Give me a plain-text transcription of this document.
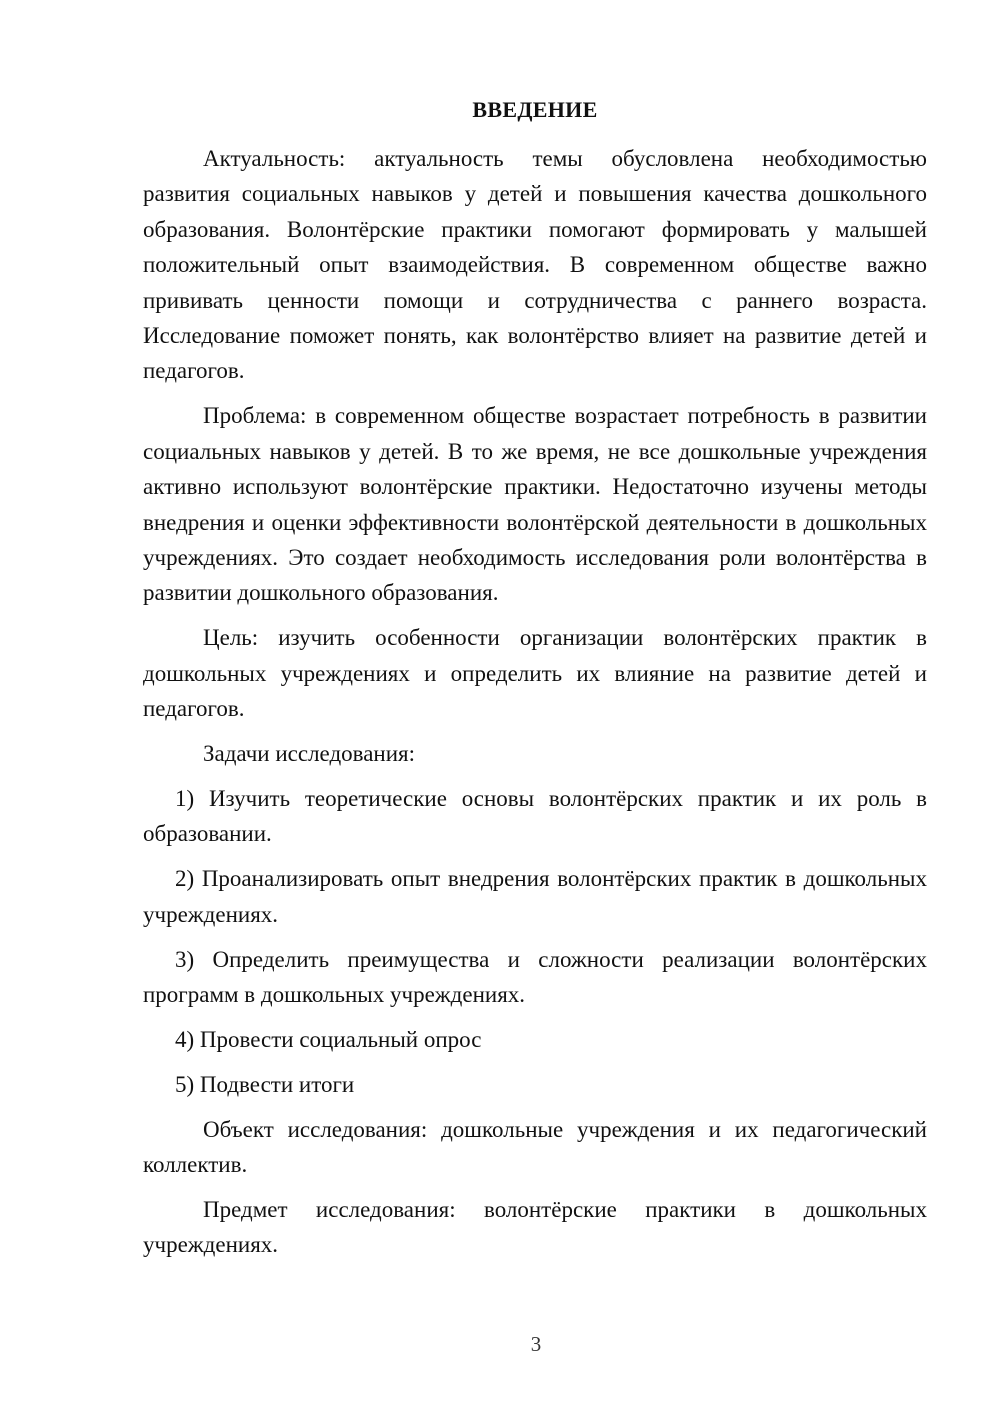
ВВЕДЕНИЕ

Актуальность: актуальность темы обусловлена необходимостью развития социальных навыков у детей и повышения качества дошкольного образования. Волонтёрские практики помогают формировать у малышей положительный опыт взаимодействия. В современном обществе важно прививать ценности помощи и сотрудничества с раннего возраста. Исследование поможет понять, как волонтёрство влияет на развитие детей и педагогов.

Проблема: в современном обществе возрастает потребность в развитии социальных навыков у детей. В то же время, не все дошкольные учреждения активно используют волонтёрские практики. Недостаточно изучены методы внедрения и оценки эффективности волонтёрской деятельности в дошкольных учреждениях. Это создает необходимость исследования роли волонтёрства в развитии дошкольного образования.

Цель: изучить особенности организации волонтёрских практик в дошкольных учреждениях и определить их влияние на развитие детей и педагогов.

Задачи исследования:

1) Изучить теоретические основы волонтёрских практик и их роль в образовании.
2) Проанализировать опыт внедрения волонтёрских практик в дошкольных учреждениях.
3) Определить преимущества и сложности реализации волонтёрских программ в дошкольных учреждениях.
4) Провести социальный опрос
5) Подвести итоги

Объект исследования: дошкольные учреждения и их педагогический коллектив.

Предмет исследования: волонтёрские практики в дошкольных учреждениях.

3
